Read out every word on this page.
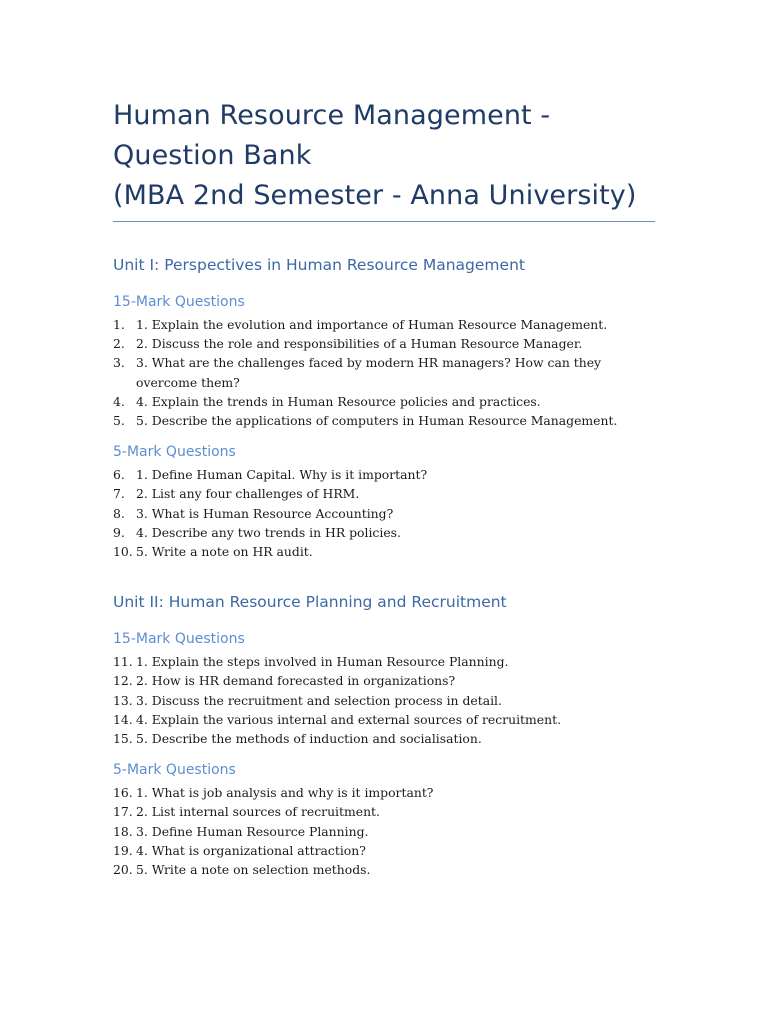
Human Resource Management -
Question Bank
(MBA 2nd Semester - Anna University)
Unit I: Perspectives in Human Resource Management
15-Mark Questions
1. 1. Explain the evolution and importance of Human Resource Management.
2. 2. Discuss the role and responsibilities of a Human Resource Manager.
3. 3. What are the challenges faced by modern HR managers? How can they overcome them?
4. 4. Explain the trends in Human Resource policies and practices.
5. 5. Describe the applications of computers in Human Resource Management.
5-Mark Questions
6. 1. Define Human Capital. Why is it important?
7. 2. List any four challenges of HRM.
8. 3. What is Human Resource Accounting?
9. 4. Describe any two trends in HR policies.
10. 5. Write a note on HR audit.
Unit II: Human Resource Planning and Recruitment
15-Mark Questions
11. 1. Explain the steps involved in Human Resource Planning.
12. 2. How is HR demand forecasted in organizations?
13. 3. Discuss the recruitment and selection process in detail.
14. 4. Explain the various internal and external sources of recruitment.
15. 5. Describe the methods of induction and socialisation.
5-Mark Questions
16. 1. What is job analysis and why is it important?
17. 2. List internal sources of recruitment.
18. 3. Define Human Resource Planning.
19. 4. What is organizational attraction?
20. 5. Write a note on selection methods.
